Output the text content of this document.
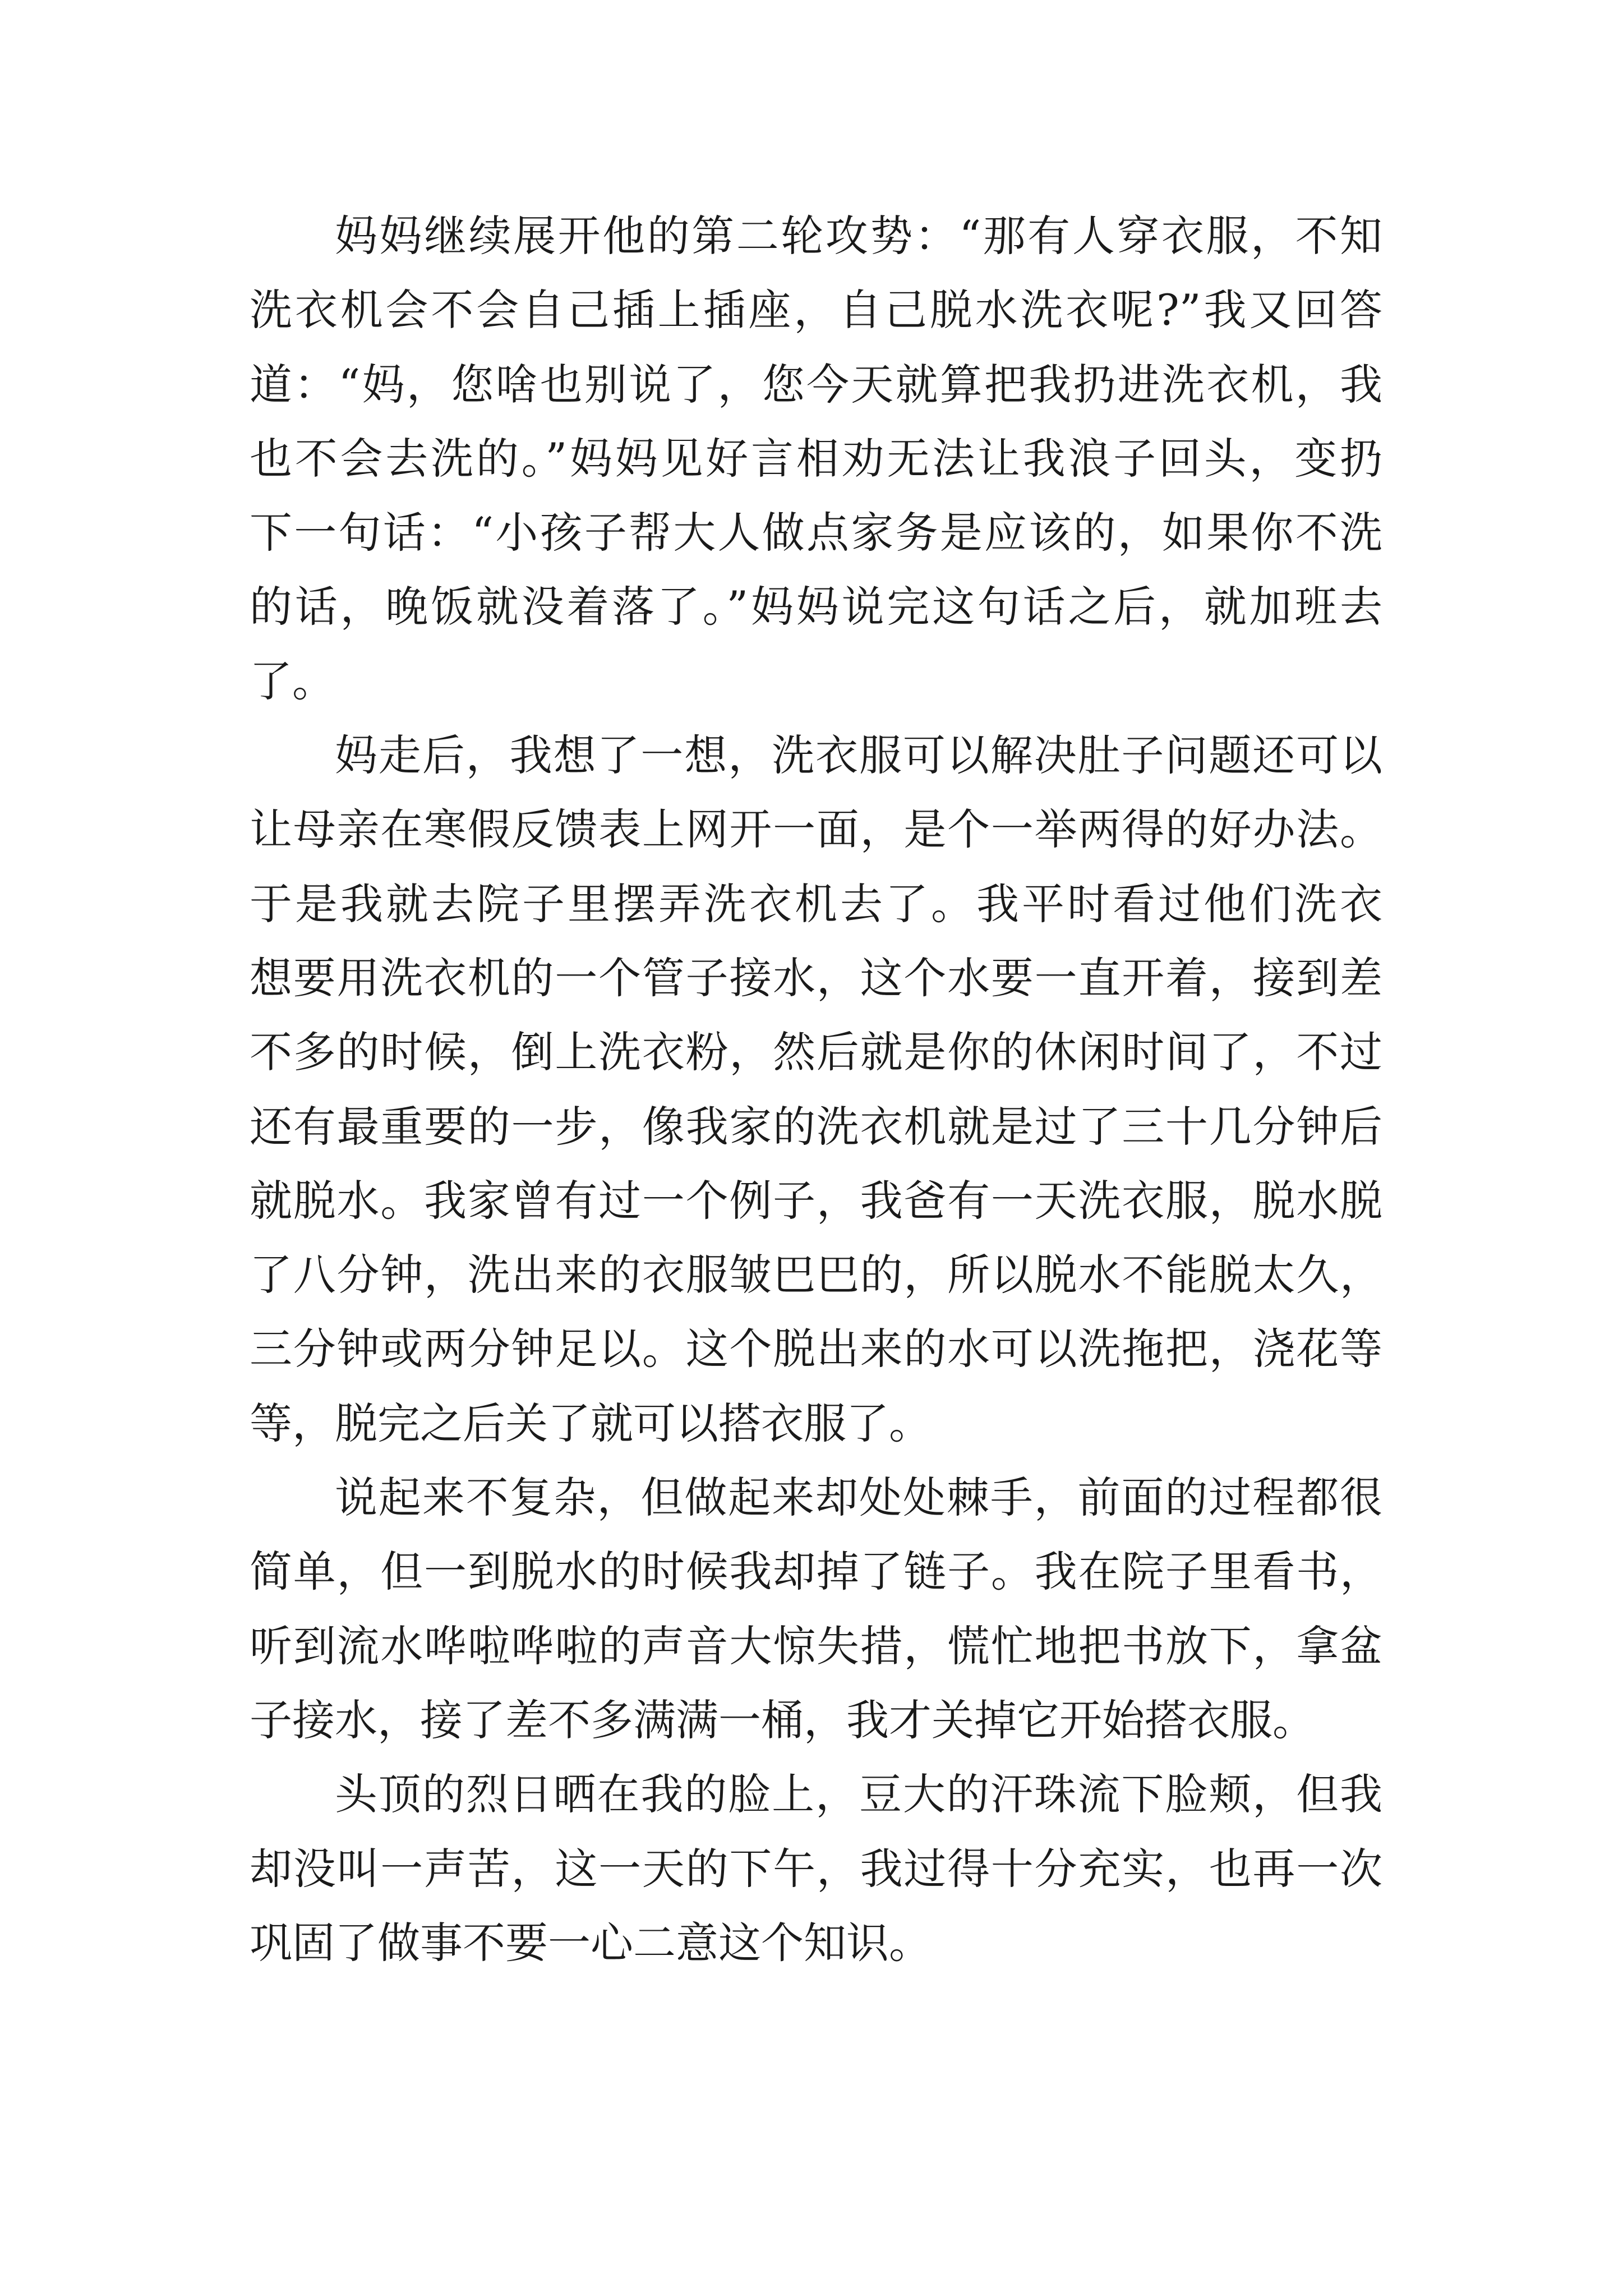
妈妈继续展开他的第二轮攻势：“那有人穿衣服，不知
洗衣机会不会自己插上插座，自己脱水洗衣呢?”我又回答
道：“妈，您啥也别说了，您今天就算把我扔进洗衣机，我
也不会去洗的。”妈妈见好言相劝无法让我浪子回头，变扔
下一句话：“小孩子帮大人做点家务是应该的，如果你不洗
的话，晚饭就没着落了。”妈妈说完这句话之后，就加班去
了。
妈走后，我想了一想，洗衣服可以解决肚子问题还可以
让母亲在寒假反馈表上网开一面，是个一举两得的好办法。
于是我就去院子里摆弄洗衣机去了。我平时看过他们洗衣
想要用洗衣机的一个管子接水，这个水要一直开着，接到差
不多的时候，倒上洗衣粉，然后就是你的休闲时间了，不过
还有最重要的一步，像我家的洗衣机就是过了三十几分钟后
就脱水。我家曾有过一个例子，我爸有一天洗衣服，脱水脱
了八分钟，洗出来的衣服皱巴巴的，所以脱水不能脱太久，
三分钟或两分钟足以。这个脱出来的水可以洗拖把，浇花等
等，脱完之后关了就可以搭衣服了。
说起来不复杂，但做起来却处处棘手，前面的过程都很
简单，但一到脱水的时候我却掉了链子。我在院子里看书，
听到流水哗啦哗啦的声音大惊失措，慌忙地把书放下，拿盆
子接水，接了差不多满满一桶，我才关掉它开始搭衣服。
头顶的烈日晒在我的脸上，豆大的汗珠流下脸颊，但我
却没叫一声苦，这一天的下午，我过得十分充实，也再一次
巩固了做事不要一心二意这个知识。
